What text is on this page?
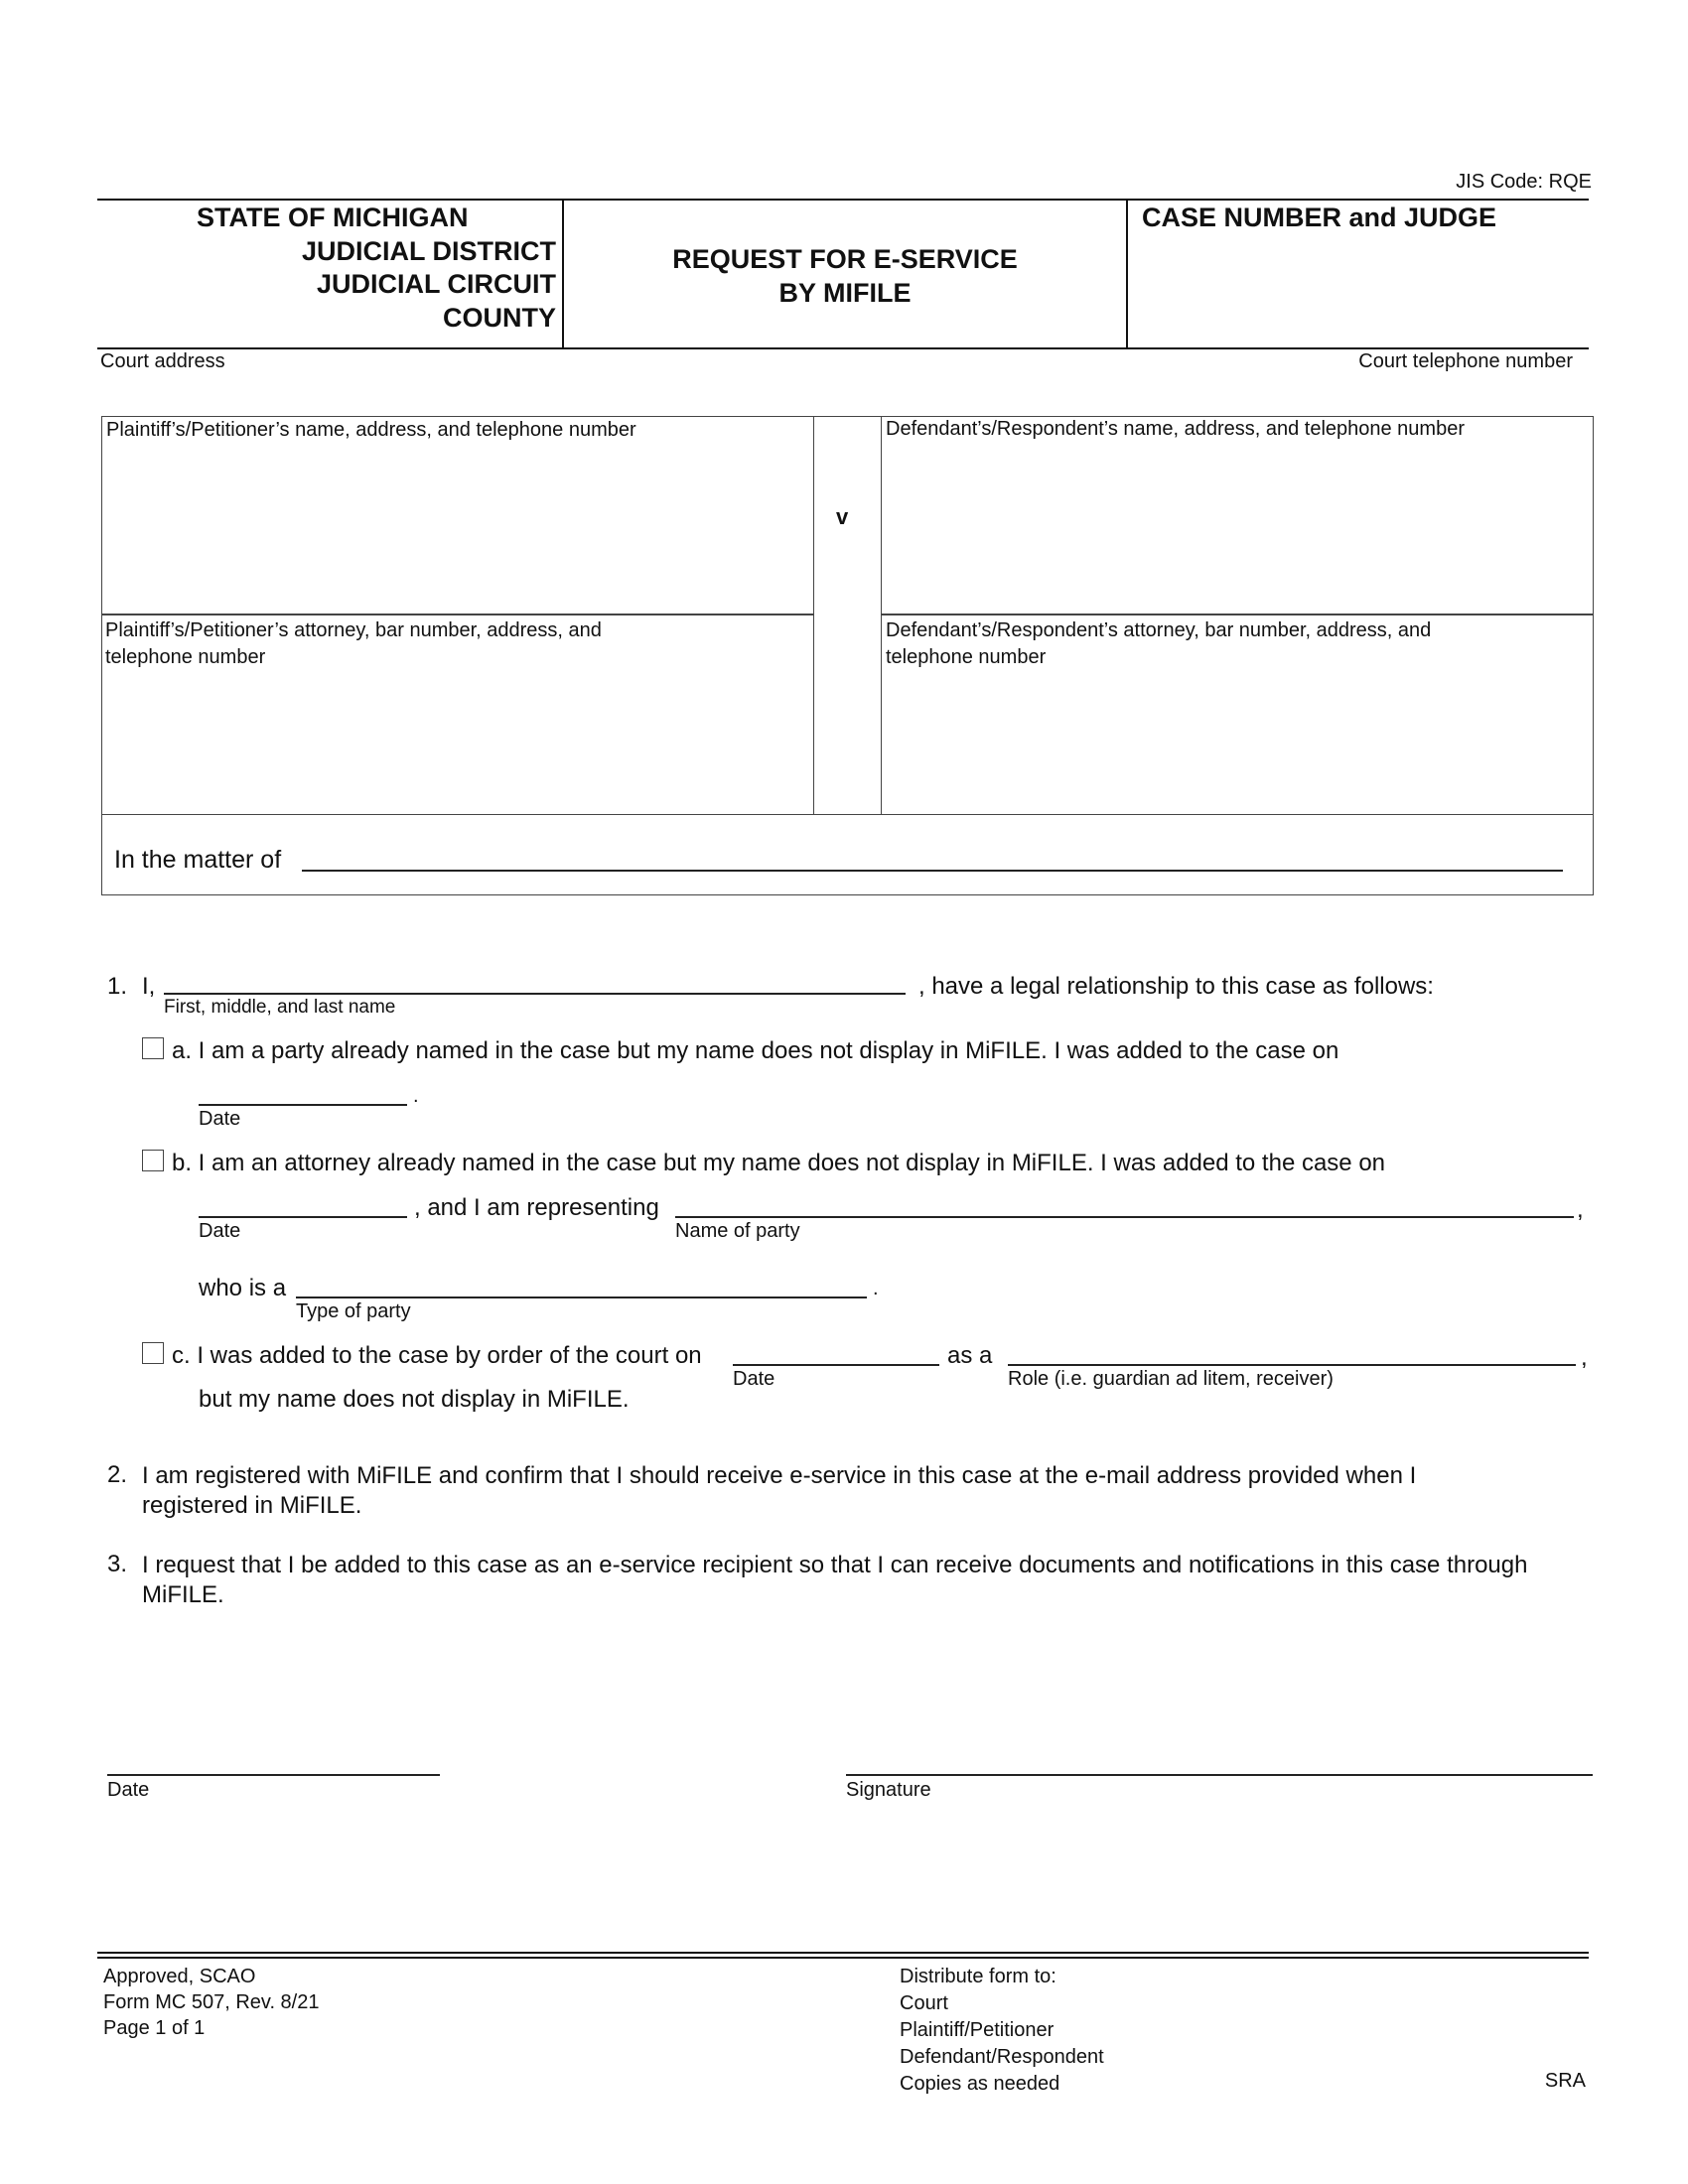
JIS Code: RQE
STATE OF MICHIGAN
JUDICIAL DISTRICT
JUDICIAL CIRCUIT
COUNTY
REQUEST FOR E-SERVICE
BY MIFILE
CASE NUMBER and JUDGE
Court address	Court telephone number
Plaintiff’s/Petitioner’s name, address, and telephone number
v
Defendant’s/Respondent’s name, address, and telephone number
Plaintiff’s/Petitioner’s attorney, bar number, address, and
telephone number
Defendant’s/Respondent’s attorney, bar number, address, and
telephone number
In the matter of
1. I,
First, middle, and last name
, have a legal relationship to this case as follows:
a. I am a party already named in the case but my name does not display in MiFILE. I was added to the case on
.
Date
b. I am an attorney already named in the case but my name does not display in MiFILE. I was added to the case on
Date
, and I am representing
Name of party
,
who is a
Type of party
.
c. I was added to the case by order of the court on
Date
as a
Role (i.e. guardian ad litem, receiver)
,
but my name does not display in MiFILE.
2. I am registered with MiFILE and confirm that I should receive e-service in this case at the e-mail address provided when I
registered in MiFILE.
3. I request that I be added to this case as an e-service recipient so that I can receive documents and notifications in this case through
MiFILE.
Date	Signature
Approved, SCAO
Form MC 507, Rev. 8/21
Page 1 of 1
Distribute form to:
Court
Plaintiff/Petitioner
Defendant/Respondent
Copies as needed	SRA
